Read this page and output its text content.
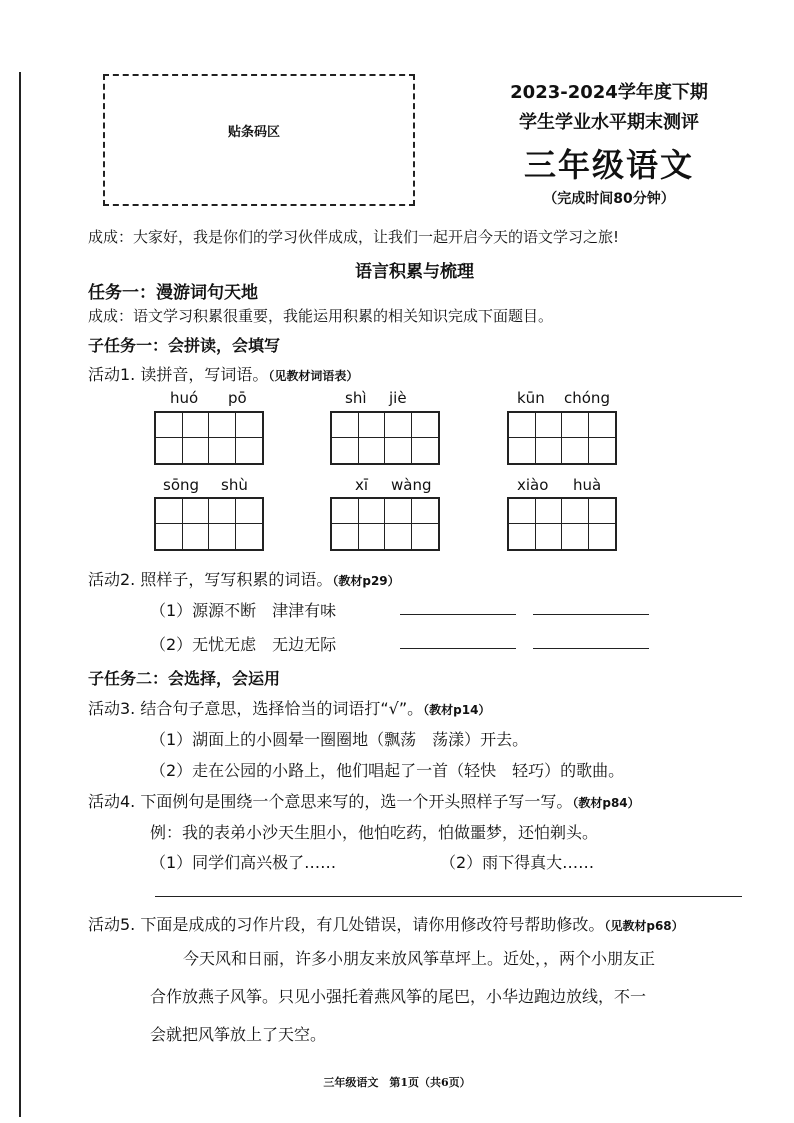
贴条码区
2023-2024学年度下期
学生学业水平期末测评
三年级语文
（完成时间80分钟）
成成：大家好，我是你们的学习伙伴成成，让我们一起开启今天的语文学习之旅!
语言积累与梳理
任务一：漫游词句天地
成成：语文学习积累很重要，我能运用积累的相关知识完成下面题目。
子任务一：会拼读，会填写
活动1. 读拼音，写词语。（见教材词语表）
huó pō	shì jiè	kūn chóng
sōng shù	xī wàng	xiào huà
活动2. 照样子，写写积累的词语。（教材p29）
（1）源源不断　津津有味
（2）无忧无虑　无边无际
子任务二：会选择，会运用
活动3. 结合句子意思，选择恰当的词语打“√”。（教材p14）
（1）湖面上的小圆晕一圈圈地（飘荡　荡漾）开去。
（2）走在公园的小路上，他们唱起了一首（轻快　轻巧）的歌曲。
活动4. 下面例句是围绕一个意思来写的，选一个开头照样子写一写。（教材p84）
例：我的表弟小沙天生胆小，他怕吃药，怕做噩梦，还怕剃头。
（1）同学们高兴极了……	（2）雨下得真大……
活动5. 下面是成成的习作片段，有几处错误，请你用修改符号帮助修改。（见教材p68）
今天风和日丽，许多小朋友来放风筝草坪上。近处，，两个小朋友正
合作放燕子风筝。只见小强托着燕风筝的尾巴，小华边跑边放线，不一
会就把风筝放上了天空。
三年级语文　第1页（共6页）
